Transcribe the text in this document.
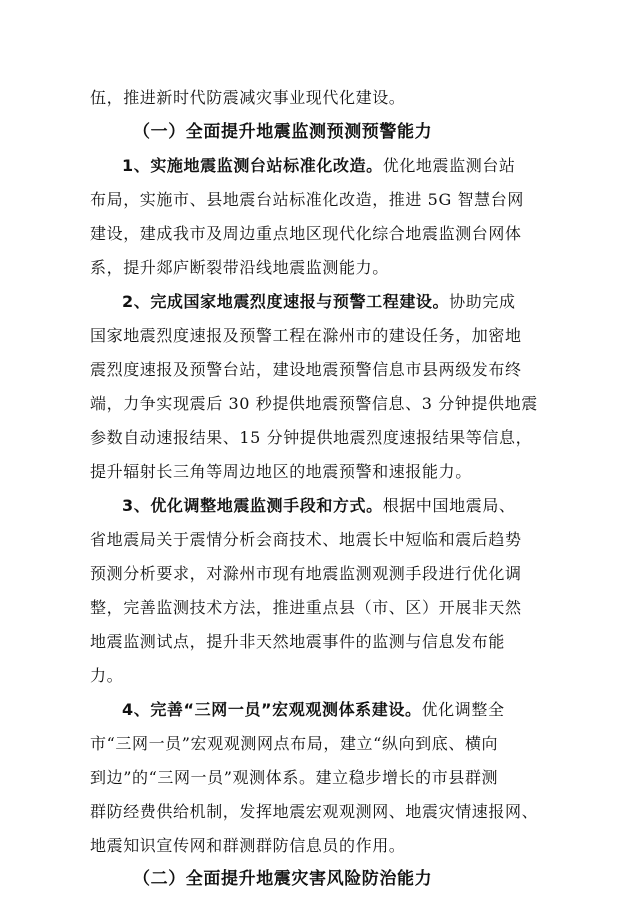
伍，推进新时代防震减灾事业现代化建设。
（一）全面提升地震监测预测预警能力
1、实施地震监测台站标准化改造。优化地震监测台站
布局，实施市、县地震台站标准化改造，推进 5G 智慧台网
建设，建成我市及周边重点地区现代化综合地震监测台网体
系，提升郯庐断裂带沿线地震监测能力。
2、完成国家地震烈度速报与预警工程建设。协助完成
国家地震烈度速报及预警工程在滁州市的建设任务，加密地
震烈度速报及预警台站，建设地震预警信息市县两级发布终
端，力争实现震后 30 秒提供地震预警信息、3 分钟提供地震
参数自动速报结果、15 分钟提供地震烈度速报结果等信息，
提升辐射长三角等周边地区的地震预警和速报能力。
3、优化调整地震监测手段和方式。根据中国地震局、
省地震局关于震情分析会商技术、地震长中短临和震后趋势
预测分析要求，对滁州市现有地震监测观测手段进行优化调
整，完善监测技术方法，推进重点县（市、区）开展非天然
地震监测试点，提升非天然地震事件的监测与信息发布能
力。
4、完善“三网一员”宏观观测体系建设。优化调整全
市“三网一员”宏观观测网点布局，建立“纵向到底、横向
到边”的“三网一员”观测体系。建立稳步增长的市县群测
群防经费供给机制，发挥地震宏观观测网、地震灾情速报网、
地震知识宣传网和群测群防信息员的作用。
（二）全面提升地震灾害风险防治能力
